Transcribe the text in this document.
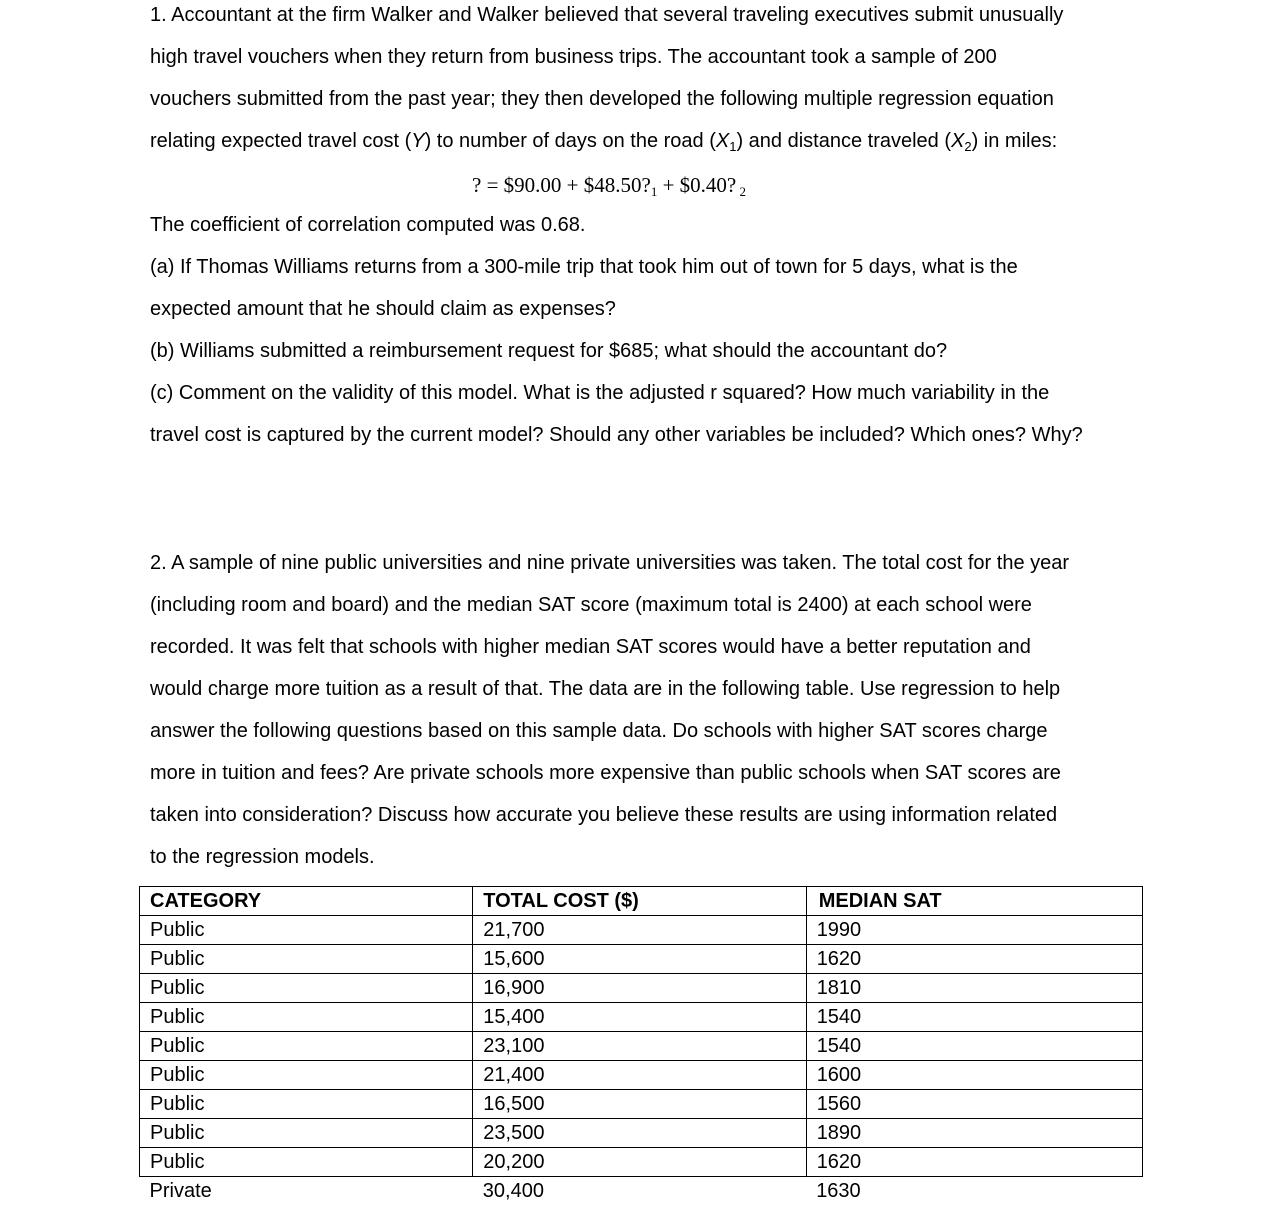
1. Accountant at the firm Walker and Walker believed that several traveling executives submit unusually
high travel vouchers when they return from business trips. The accountant took a sample of 200
vouchers submitted from the past year; they then developed the following multiple regression equation
relating expected travel cost (Y) to number of days on the road $(X_1)$ and distance traveled $(X_2)$ in miles:
? = $90.00 + $\$48.50?_1$ + $0.40? $_2$
The coefficient of correlation computed was 0.68.
(a) If Thomas Williams returns from a 300-mile trip that took him out of town for 5 days, what is the
expected amount that he should claim as expenses?
(b) Williams submitted a reimbursement request for $685; what should the accountant do?
(c) Comment on the validity of this model. What is the adjusted r squared? How much variability in the
travel cost is captured by the current model? Should any other variables be included? Which ones? Why?
2. A sample of nine public universities and nine private universities was taken. The total cost for the year
(including room and board) and the median SAT score (maximum total is 2400) at each school were
recorded. It was felt that schools with higher median SAT scores would have a better reputation and
would charge more tuition as a result of that. The data are in the following table. Use regression to help
answer the following questions based on this sample data. Do schools with higher SAT scores charge
more in tuition and fees? Are private schools more expensive than public schools when SAT scores are
taken into consideration? Discuss how accurate you believe these results are using information related
to the regression models.
CATEGORY	TOTAL COST ($)	MEDIAN SAT
Public	21,700	1990
Public	15,600	1620
Public	16,900	1810
Public	15,400	1540
Public	23,100	1540
Public	21,400	1600
Public	16,500	1560
Public	23,500	1890
Public	20,200	1620
Private	30,400	1630
